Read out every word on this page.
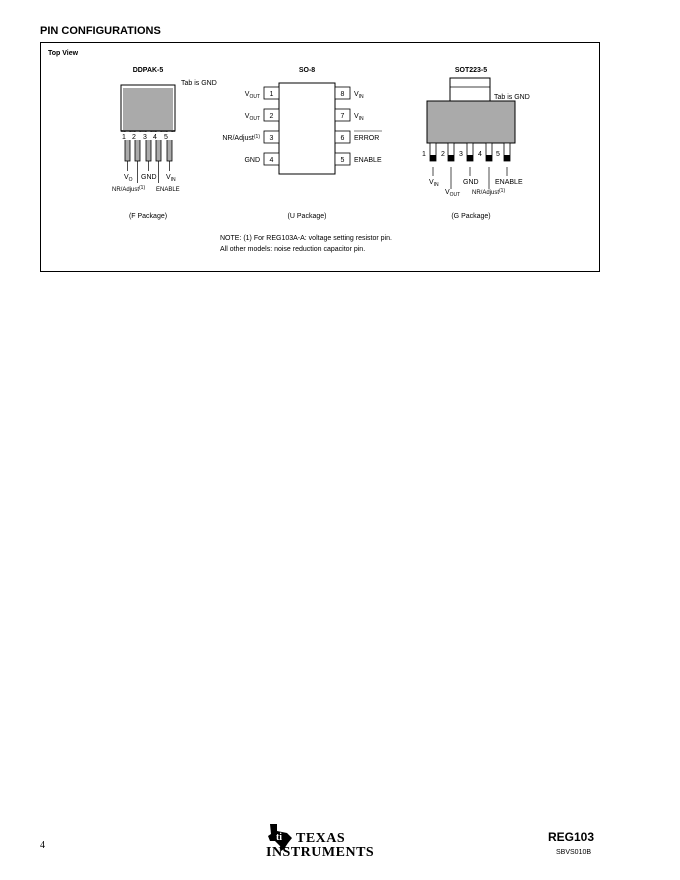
PIN CONFIGURATIONS
Top View
DDPAK-5
Tab is GND
1 2 3 4 5
$V_O$ GND $V_{IN}$
NR/Adjust$^{(1)}$ ENABLE
(F Package)
SO-8
1
2
3
4
8
7
6
5
$V_{OUT}$
$V_{OUT}$
NR/Adjust$^{(1)}$
GND
$V_{IN}$
$V_{IN}$
ERROR
ENABLE
(U Package)
SOT223-5
Tab is GND
1 2 3 4 5
$V_{IN}$	GND ENABLE
$V_{OUT}$ NR/Adjust$^{(1)}$
(G Package)
NOTE: (1) For REG103A-A: voltage setting resistor pin.
All other models: noise reduction capacitor pin.
4
ti TEXAS
INSTRUMENTS
REG103
SBVS010B
